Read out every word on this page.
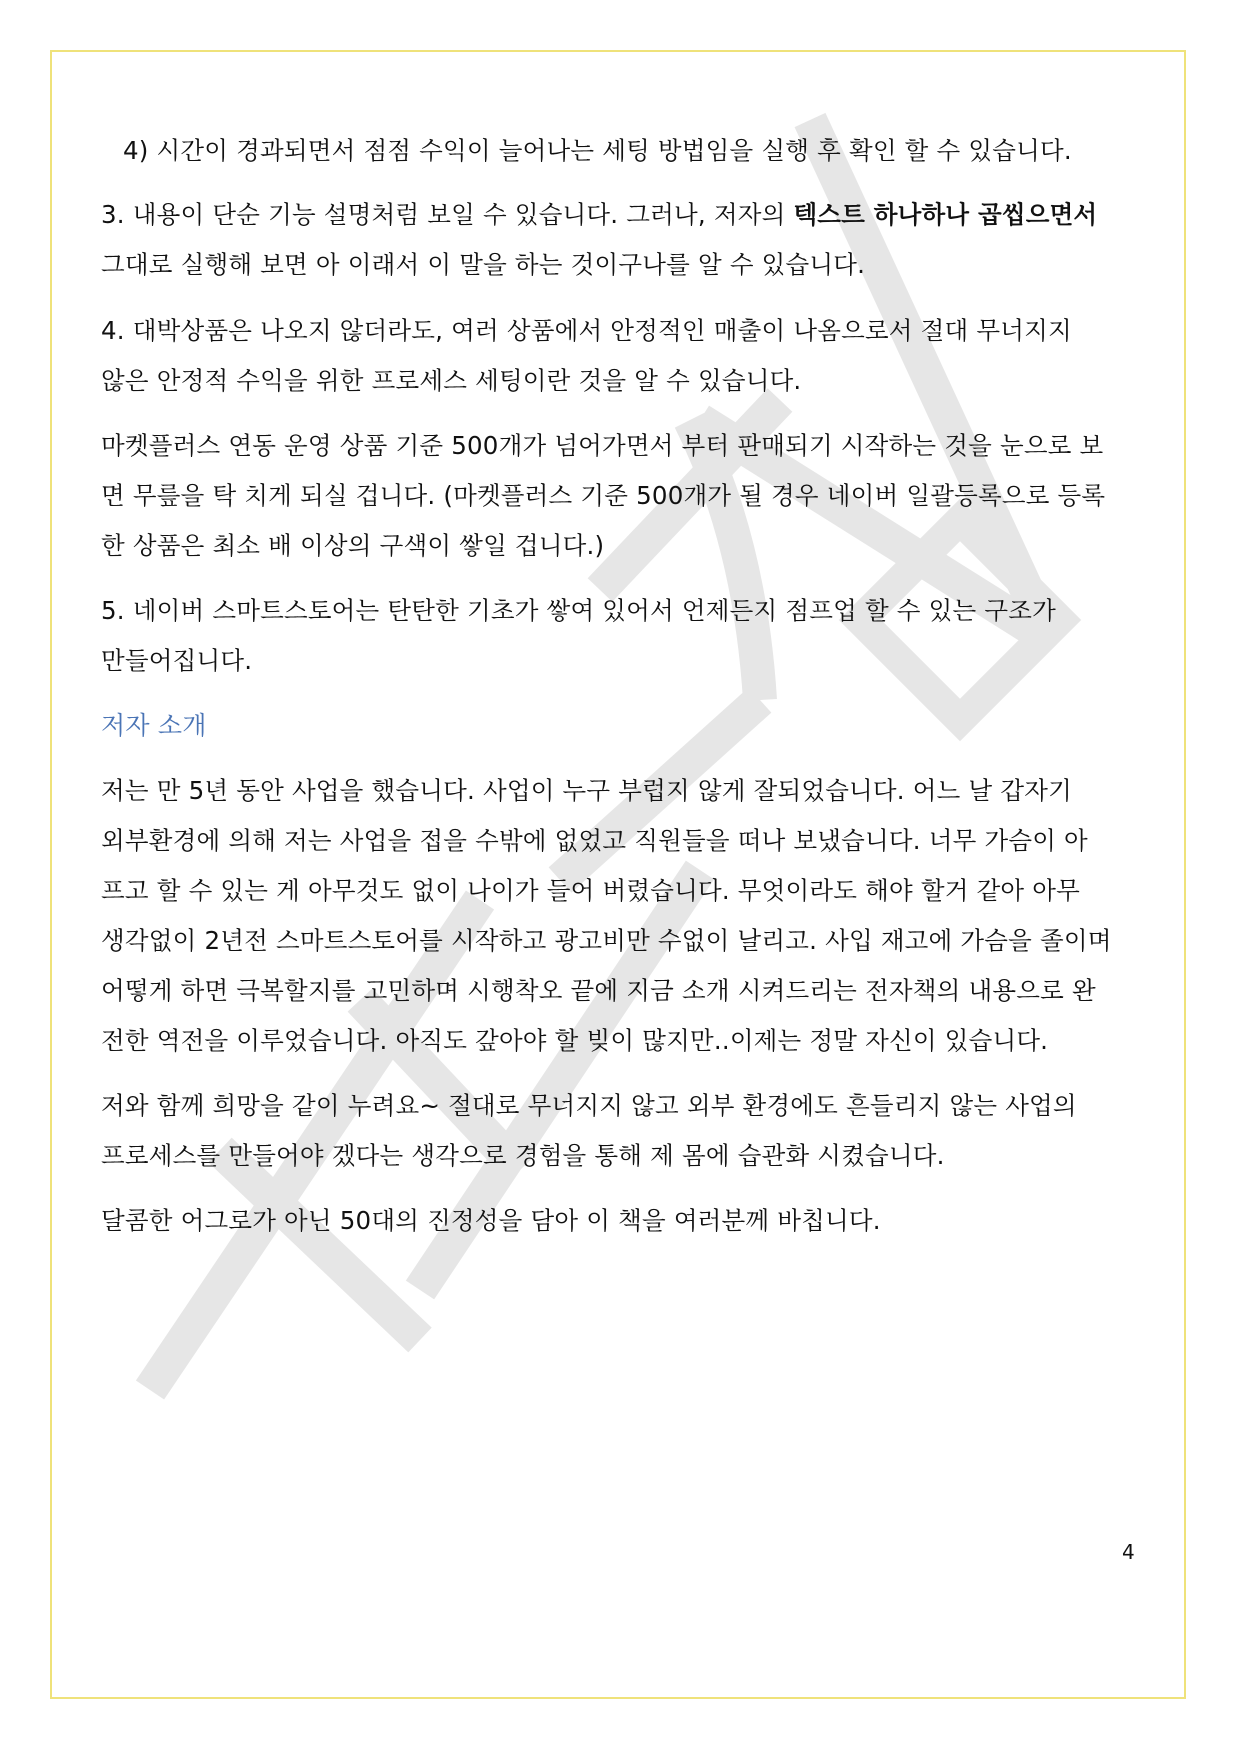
4) 시간이 경과되면서 점점 수익이 늘어나는 세팅 방법임을 실행 후 확인 할 수 있습니다.
3. 내용이 단순 기능 설명처럼 보일 수 있습니다. 그러나, 저자의 텍스트 하나하나 곱씹으면서
그대로 실행해 보면 아 이래서 이 말을 하는 것이구나를 알 수 있습니다.
4. 대박상품은 나오지 않더라도, 여러 상품에서 안정적인 매출이 나옴으로서 절대 무너지지
않은 안정적 수익을 위한 프로세스 세팅이란 것을 알 수 있습니다.
마켓플러스 연동 운영 상품 기준 500개가 넘어가면서 부터 판매되기 시작하는 것을 눈으로 보
면 무릎을 탁 치게 되실 겁니다. (마켓플러스 기준 500개가 될 경우 네이버 일괄등록으로 등록
한 상품은 최소 배 이상의 구색이 쌓일 겁니다.)
5. 네이버 스마트스토어는 탄탄한 기초가 쌓여 있어서 언제든지 점프업 할 수 있는 구조가
만들어집니다.
저자 소개
저는 만 5년 동안 사업을 했습니다. 사업이 누구 부럽지 않게 잘되었습니다. 어느 날 갑자기
외부환경에 의해 저는 사업을 접을 수밖에 없었고 직원들을 떠나 보냈습니다. 너무 가슴이 아
프고 할 수 있는 게 아무것도 없이 나이가 들어 버렸습니다. 무엇이라도 해야 할거 같아 아무
생각없이 2년전 스마트스토어를 시작하고 광고비만 수없이 날리고. 사입 재고에 가슴을 졸이며
어떻게 하면 극복할지를 고민하며 시행착오 끝에 지금 소개 시켜드리는 전자책의 내용으로 완
전한 역전을 이루었습니다. 아직도 갚아야 할 빚이 많지만..이제는 정말 자신이 있습니다.
저와 함께 희망을 같이 누려요~ 절대로 무너지지 않고 외부 환경에도 흔들리지 않는 사업의
프로세스를 만들어야 겠다는 생각으로 경험을 통해 제 몸에 습관화 시켰습니다.
달콤한 어그로가 아닌 50대의 진정성을 담아 이 책을 여러분께 바칩니다.
4
